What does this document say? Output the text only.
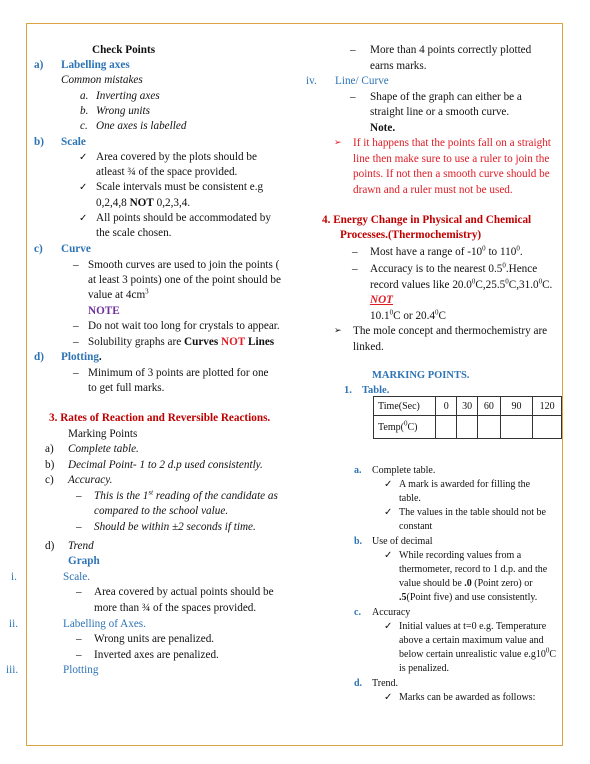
Check Points
a) Labelling axes
Common mistakes
a. Inverting axes
b. Wrong units
c. One axes is labelled
b) Scale
✓
Area covered by the plots should be
atleast ¾ of the space provided.
✓
Scale intervals must be consistent e.g
0,2,4,8 NOT 0,2,3,4.
✓
All points should be accommodated by
the scale chosen.
c) Curve
– Smooth curves are used to join the points (
at least 3 points) one of the point should be
value at $4cm^3$
NOTE
– Do not wait too long for crystals to appear.
– Solubility graphs are Curves NOT Lines
d) Plotting.
– Minimum of 3 points are plotted for one
to get full marks.
3. Rates of Reaction and Reversible Reactions.
Marking Points
a) Complete table.
b) Decimal Point- 1 to 2 d.p used consistently.
c) Accuracy.
– This is the 1st reading of the candidate as
compared to the school value.
– Should be within ±2 seconds if time.
d) Trend
Graph
i.	Scale.
– Area covered by actual points should be
more than ¾ of the spaces provided.
ii.	Labelling of Axes.
– Wrong units are penalized.
– Inverted axes are penalized.
iii.	Plotting
– More than 4 points correctly plotted
earns marks.
iv. Line/ Curve
– Shape of the graph can either be a
straight line or a smooth curve.
Note.
➢ If it happens that the points fall on a straight
line then make sure to use a ruler to join the
points. If not then a smooth curve should be
drawn and a ruler must not be used.
4. Energy Change in Physical and Chemical
Processes.(Thermochemistry)
– Most have a range of $-10^0$ to $110^0$.
– Accuracy is to the nearest $0.5^0.Hence$
record values like 20.0$^0$C,25.5$^0$C,31.0$^0$C.
NOT
10.1$^0$C or 20.4$^0$C
➢ The mole concept and thermochemistry are
linked.
MARKING POINTS.
1. Table.
Time(Sec)	0	30	60	90	120
Temp($^0$C)					
a. Complete table.
✓
A mark is awarded for filling the
table.
✓
The values in the table should not be
constant
b. Use of decimal
✓
While recording values from a
thermometer, record to 1 d.p. and the
value should be .0 (Point zero) or
.5(Point five) and use consistently.
c. Accuracy
✓
Initial values at t=0 e.g. Temperature
above a certain maximum value and
below certain unrealistic value $e.g10^0C$
is penalized.
d. Trend.
✓
Marks can be awarded as follows:
